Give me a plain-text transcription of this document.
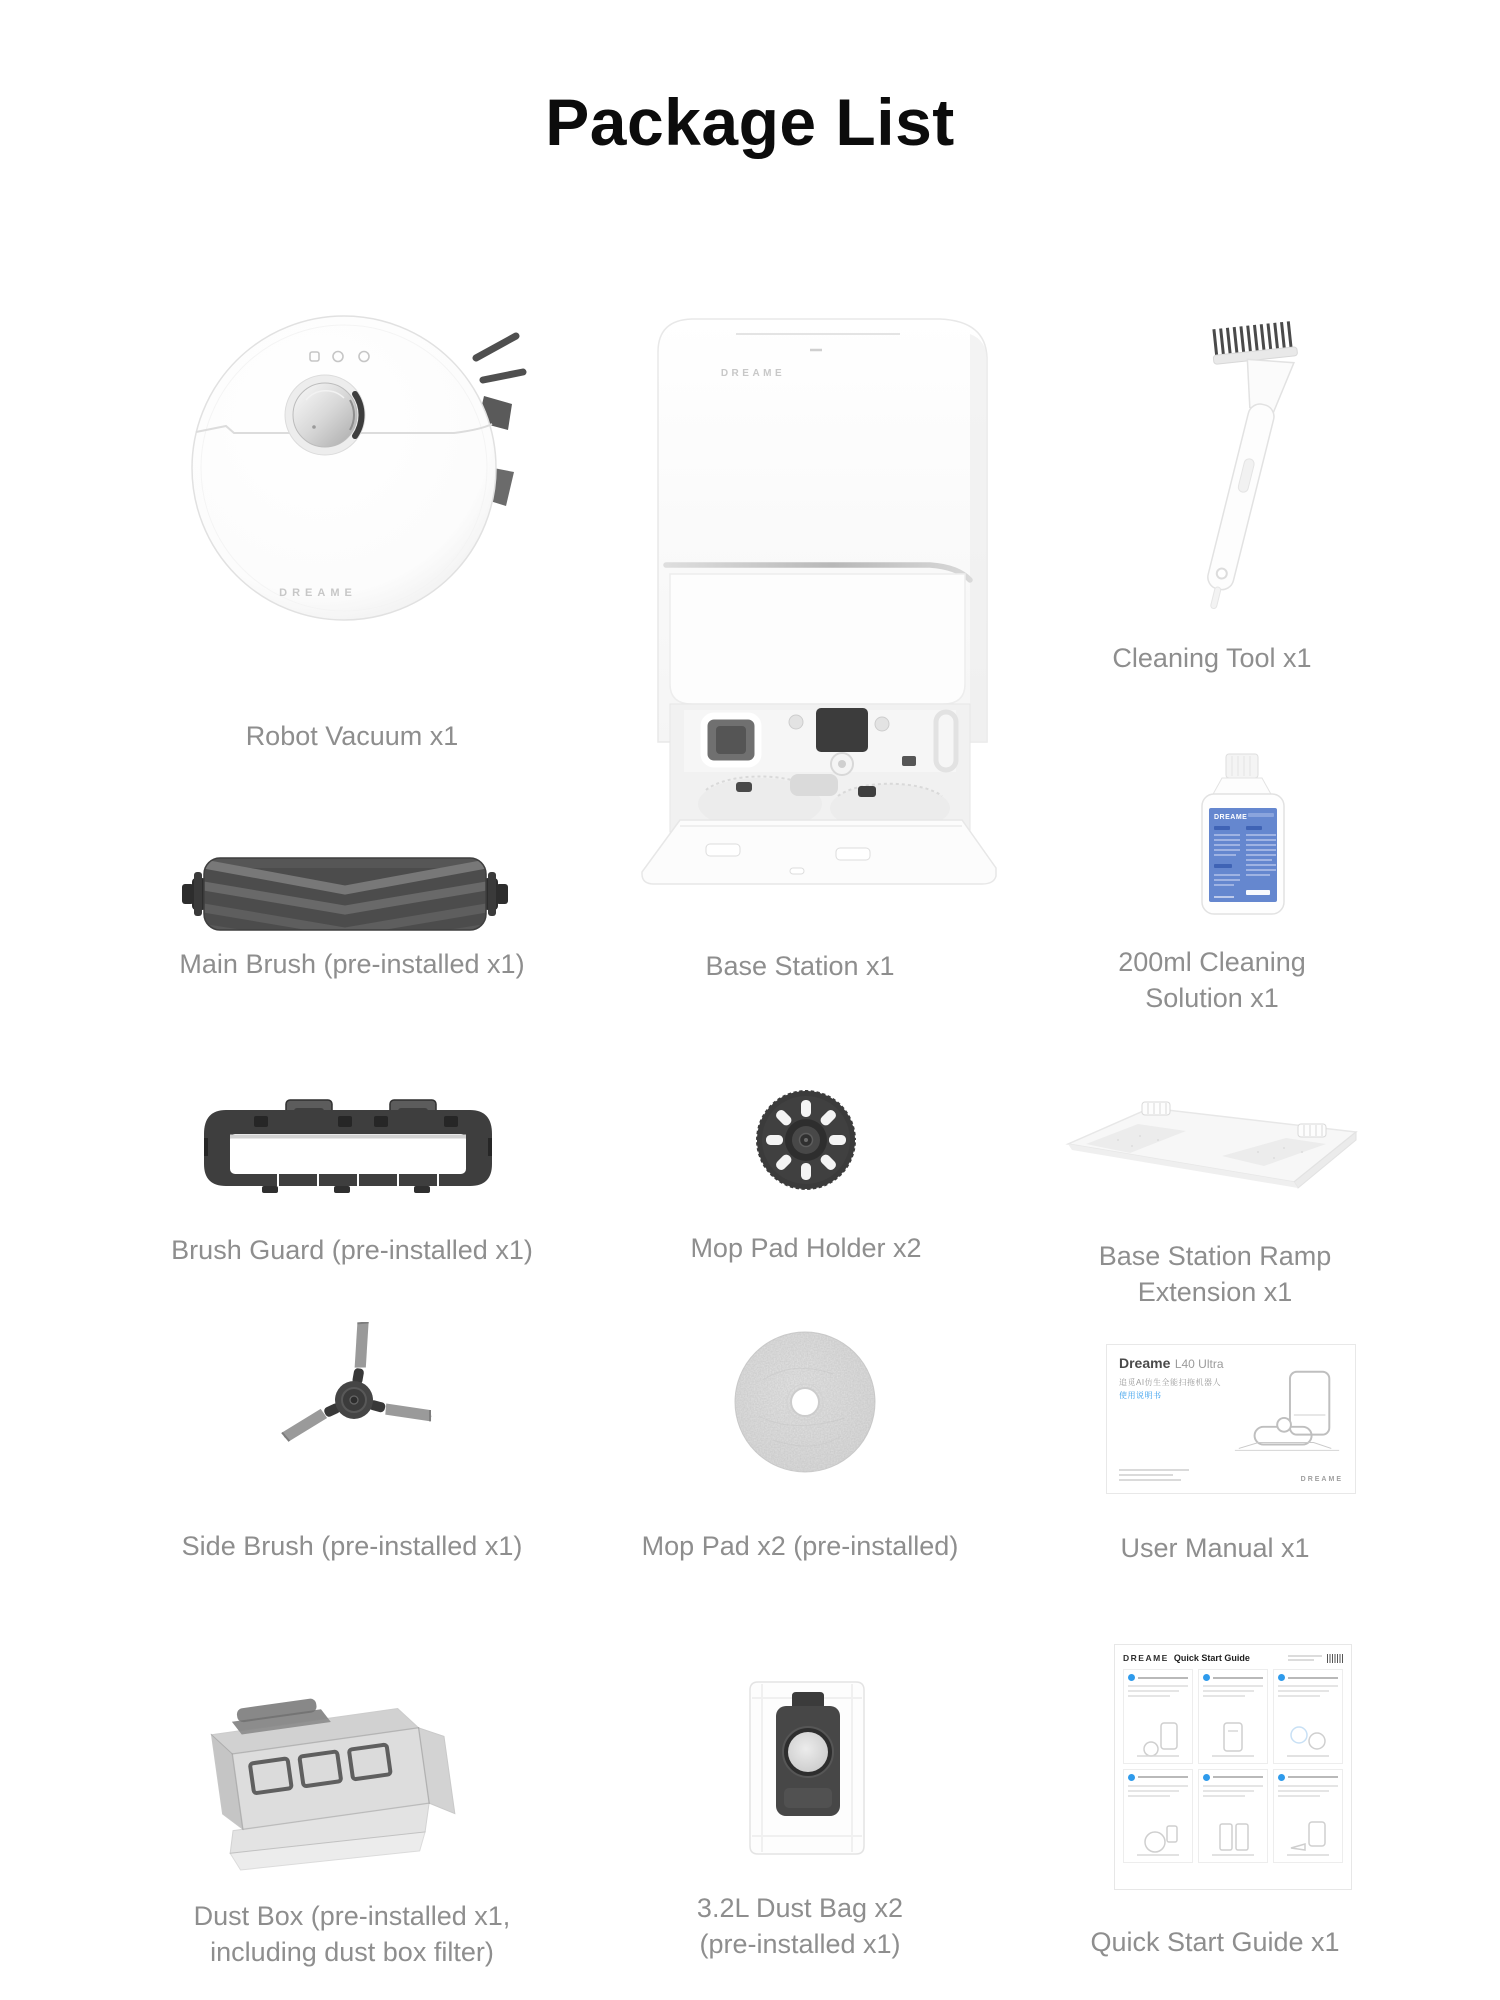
Package List
DREAME
DREAME
DREAME
Dreame L40 Ultra
追觅AI仿生全能扫拖机器人
使用说明书
DREAME
DREAME Quick Start Guide
Robot Vacuum x1
Base Station x1
Cleaning Tool x1
Main Brush (pre-installed x1)	200ml Cleaning
Solution x1
Brush Guard (pre-installed x1)	Mop Pad Holder x2	Base Station Ramp
Extension x1
Side Brush (pre-installed x1)	Mop Pad x2 (pre-installed)	User Manual x1
Dust Box (pre-installed x1,
including dust box filter)
3.2L Dust Bag x2
(pre-installed x1)	Quick Start Guide x1
